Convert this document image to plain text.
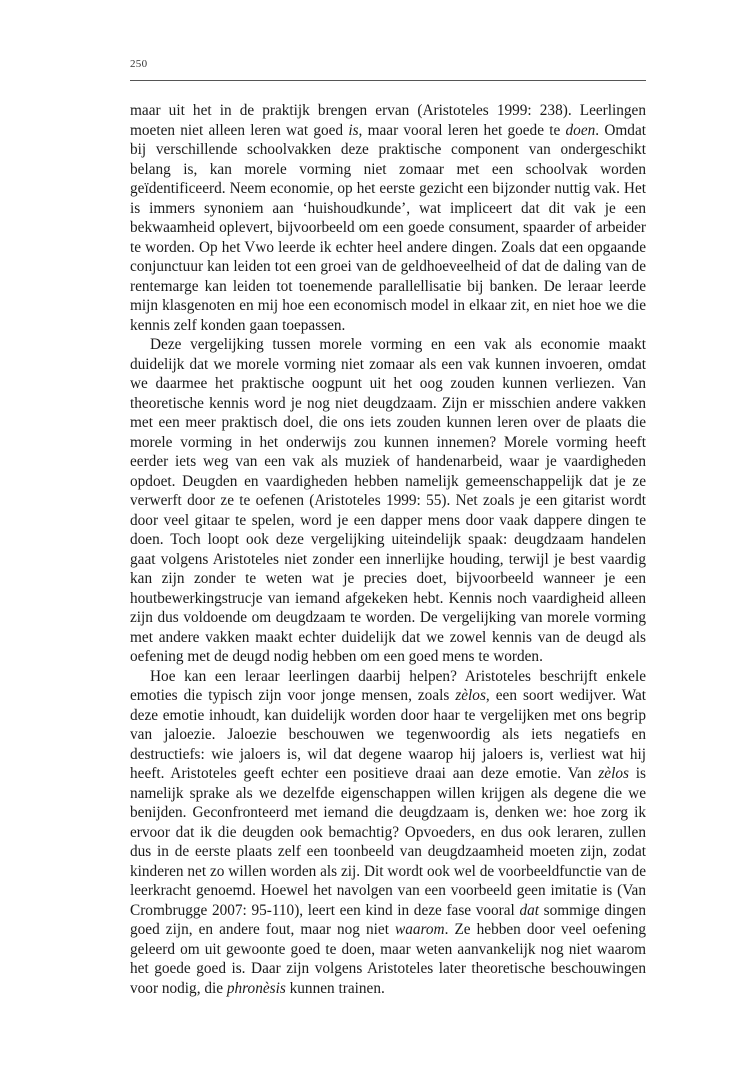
250

maar uit het in de praktijk brengen ervan (Aristoteles 1999: 238). Leerlingen moeten niet alleen leren wat goed is, maar vooral leren het goede te doen. Omdat bij verschillende schoolvakken deze praktische component van ondergeschikt belang is, kan morele vorming niet zomaar met een schoolvak worden geïdentificeerd. Neem economie, op het eerste gezicht een bijzonder nuttig vak. Het is immers synoniem aan ‘huishoudkunde’, wat impliceert dat dit vak je een bekwaamheid oplevert, bijvoorbeeld om een goede consument, spaarder of arbeider te worden. Op het Vwo leerde ik echter heel andere dingen. Zoals dat een opgaande conjunctuur kan leiden tot een groei van de geldhoeveelheid of dat de daling van de rentemarge kan leiden tot toenemende parallellisatie bij banken. De leraar leerde mijn klasgenoten en mij hoe een economisch model in elkaar zit, en niet hoe we die kennis zelf konden gaan toepassen.

Deze vergelijking tussen morele vorming en een vak als economie maakt duidelijk dat we morele vorming niet zomaar als een vak kunnen invoeren, omdat we daarmee het praktische oogpunt uit het oog zouden kunnen verliezen. Van theoretische kennis word je nog niet deugdzaam. Zijn er misschien andere vakken met een meer praktisch doel, die ons iets zouden kunnen leren over de plaats die morele vorming in het onderwijs zou kunnen innemen? Morele vorming heeft eerder iets weg van een vak als muziek of handenarbeid, waar je vaardigheden opdoet. Deugden en vaardigheden hebben namelijk gemeenschappelijk dat je ze verwerft door ze te oefenen (Aristoteles 1999: 55). Net zoals je een gitarist wordt door veel gitaar te spelen, word je een dapper mens door vaak dappere dingen te doen. Toch loopt ook deze vergelijking uiteindelijk spaak: deugdzaam handelen gaat volgens Aristoteles niet zonder een innerlijke houding, terwijl je best vaardig kan zijn zonder te weten wat je precies doet, bijvoorbeeld wanneer je een houtbewerkingstrucje van iemand afgekeken hebt. Kennis noch vaardigheid alleen zijn dus voldoende om deugdzaam te worden. De vergelijking van morele vorming met andere vakken maakt echter duidelijk dat we zowel kennis van de deugd als oefening met de deugd nodig hebben om een goed mens te worden.

Hoe kan een leraar leerlingen daarbij helpen? Aristoteles beschrijft enkele emoties die typisch zijn voor jonge mensen, zoals zèlos, een soort wedijver. Wat deze emotie inhoudt, kan duidelijk worden door haar te vergelijken met ons begrip van jaloezie. Jaloezie beschouwen we tegenwoordig als iets negatiefs en destructiefs: wie jaloers is, wil dat degene waarop hij jaloers is, verliest wat hij heeft. Aristoteles geeft echter een positieve draai aan deze emotie. Van zèlos is namelijk sprake als we dezelfde eigenschappen willen krijgen als degene die we benijden. Geconfronteerd met iemand die deugdzaam is, denken we: hoe zorg ik ervoor dat ik die deugden ook bemachtig? Opvoeders, en dus ook leraren, zullen dus in de eerste plaats zelf een toonbeeld van deugdzaamheid moeten zijn, zodat kinderen net zo willen worden als zij. Dit wordt ook wel de voorbeeldfunctie van de leerkracht genoemd. Hoewel het navolgen van een voorbeeld geen imitatie is (Van Crombrugge 2007: 95-110), leert een kind in deze fase vooral dat sommige dingen goed zijn, en andere fout, maar nog niet waarom. Ze hebben door veel oefening geleerd om uit gewoonte goed te doen, maar weten aanvankelijk nog niet waarom het goede goed is. Daar zijn volgens Aristoteles later theoretische beschouwingen voor nodig, die phronèsis kunnen trainen.
